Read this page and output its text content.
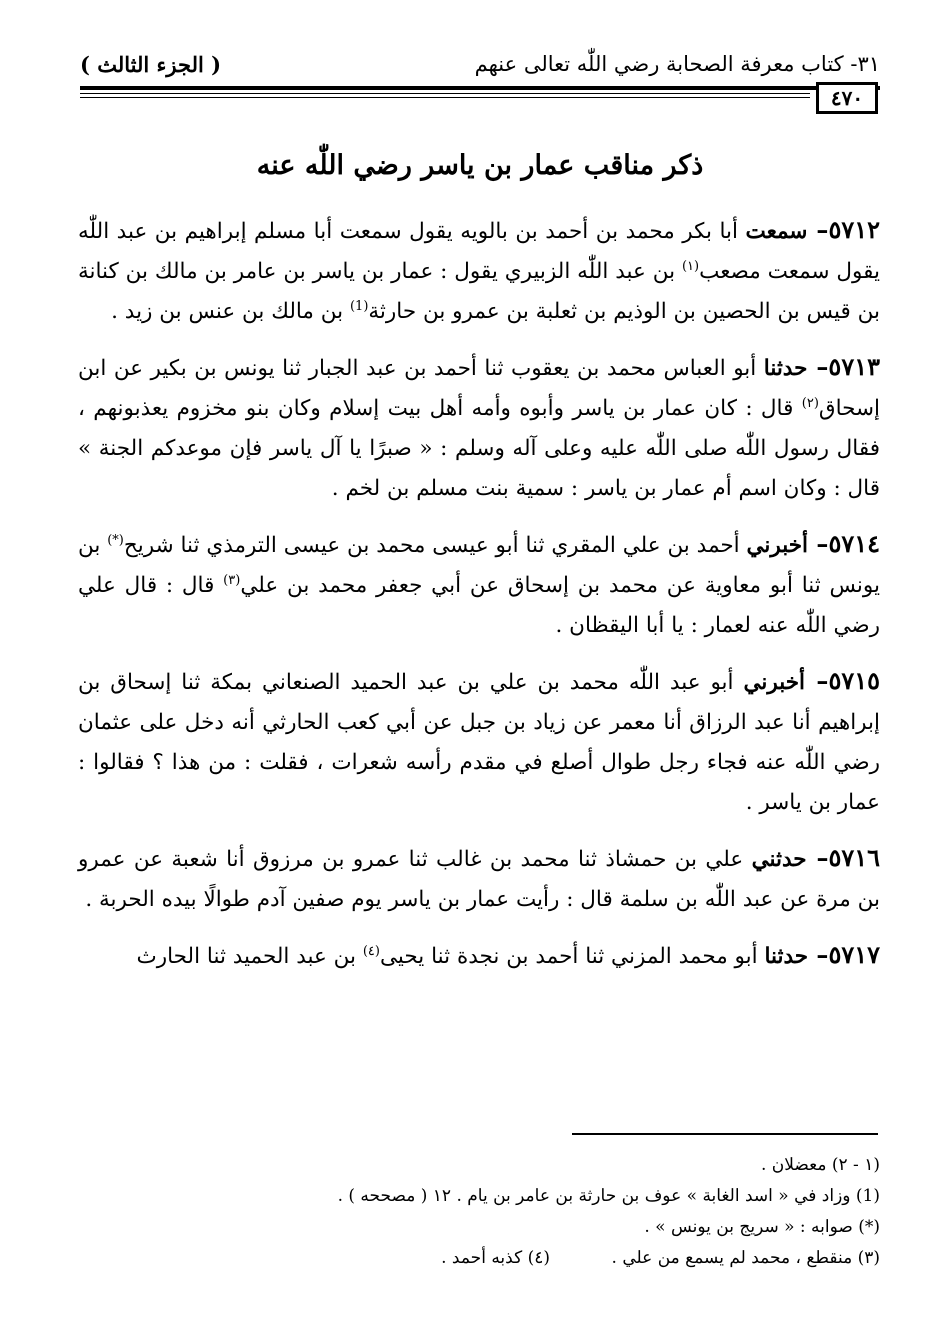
٣١- كتاب معرفة الصحابة رضي اللّٰه تعالى عنهم
( الجزء الثالث )
٤٧٠
ذكر مناقب عمار بن ياسر رضي اللّٰه عنه

٥٧١٢– سمعت أبا بكر محمد بن أحمد بن بالويه يقول سمعت أبا مسلم إبراهيم بن عبد اللّٰه يقول سمعت مصعب$^{(١)}$ بن عبد اللّٰه الزبيري يقول : عمار بن ياسر بن عامر بن مالك بن كنانة بن قيس بن الحصين بن الوذيم بن ثعلبة بن عمرو بن حارثة$^{(1)}$ بن مالك بن عنس بن زيد .

٥٧١٣– حدثنا أبو العباس محمد بن يعقوب ثنا أحمد بن عبد الجبار ثنا يونس بن بكير عن ابن إسحاق$^{(٢)}$ قال : كان عمار بن ياسر وأبوه وأمه أهل بيت إسلام وكان بنو مخزوم يعذبونهم ، فقال رسول اللّٰه صلى اللّٰه عليه وعلى آله وسلم : « صبرًا يا آل ياسر فإن موعدكم الجنة » قال : وكان اسم أم عمار بن ياسر : سمية بنت مسلم بن لخم .

٥٧١٤– أخبرني أحمد بن علي المقري ثنا أبو عيسى محمد بن عيسى الترمذي ثنا شريح(*) بن يونس ثنا أبو معاوية عن محمد بن إسحاق عن أبي جعفر محمد بن علي$^{(٣)}$ قال : قال علي رضي اللّٰه عنه لعمار : يا أبا اليقظان .

٥٧١٥– أخبرني أبو عبد اللّٰه محمد بن علي بن عبد الحميد الصنعاني بمكة ثنا إسحاق بن إبراهيم أنا عبد الرزاق أنا معمر عن زياد بن جبل عن أبي كعب الحارثي أنه دخل على عثمان رضي اللّٰه عنه فجاء رجل طوال أصلع في مقدم رأسه شعرات ، فقلت : من هذا ؟ فقالوا : عمار بن ياسر .

٥٧١٦– حدثني علي بن حمشاذ ثنا محمد بن غالب ثنا عمرو بن مرزوق أنا شعبة عن عمرو بن مرة عن عبد اللّٰه بن سلمة قال : رأيت عمار بن ياسر يوم صفين آدم طوالًا بيده الحربة .

٥٧١٧– حدثنا أبو محمد المزني ثنا أحمد بن نجدة ثنا يحيى$^{(٤)}$ بن عبد الحميد ثنا الحارث

(١ - ٢) معضلان .
(1) وزاد في « اسد الغابة » عوف بن حارثة بن عامر بن يام . ١٢ ( مصححه ) .
(*) صوابه : « سريج بن يونس » .
(٣) منقطع ، محمد لم يسمع من علي .
(٤) كذبه أحمد .
